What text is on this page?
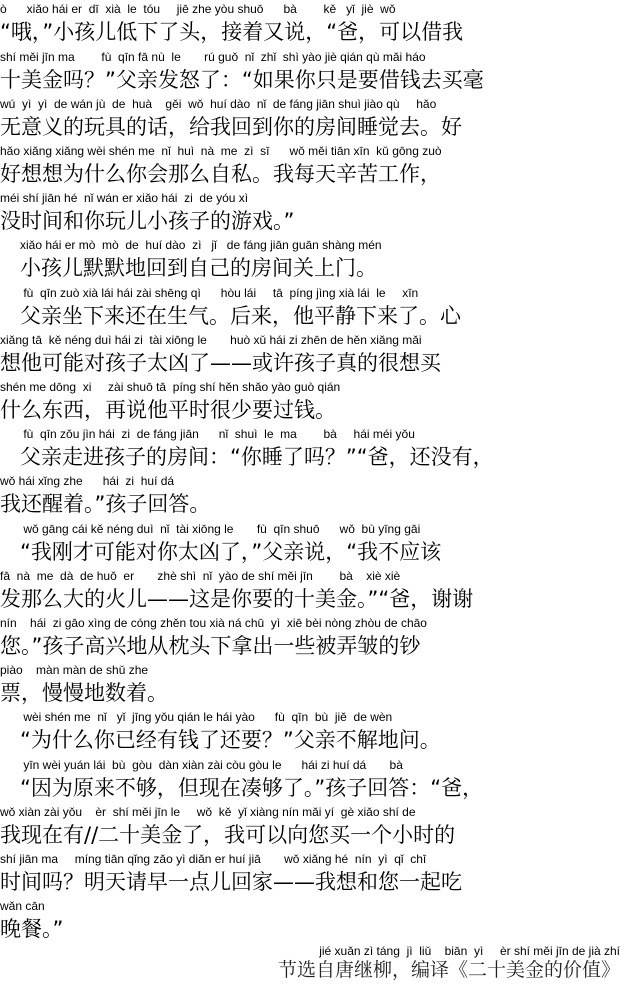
ò      xiǎo hái er  dī  xià  le  tóu     jiē zhe yòu shuō      bà        kě   yǐ  jiè  wǒ
“哦，”小孩儿低下了头，接着又说，“爸，可以借我
shí měi jīn ma        fù  qīn fā nù  le       rú guǒ  nǐ  zhǐ  shì yào jiè qián qù mǎi háo
十美金吗？”父亲发怒了：“如果你只是要借钱去买毫
wú  yì  yì  de wán jù  de  huà    gěi  wǒ  huí dào  nǐ  de fáng jiān shuì jiào qù     hǎo
无意义的玩具的话，给我回到你的房间睡觉去。好
hǎo xiǎng xiǎng wèi shén me  nǐ  huì  nà  me  zì  sī      wǒ měi tiān xīn  kǔ gōng zuò
好想想为什么你会那么自私。我每天辛苦工作，
méi shí jiān hé  nǐ wán er xiǎo hái  zi  de yóu xì
没时间和你玩儿小孩子的游戏。”
xiǎo hái er mò  mò  de  huí dào  zì   jǐ   de fáng jiān guān shàng mén
小孩儿默默地回到自己的房间关上门。
fù  qīn zuò xià lái hái zài shēng qì      hòu lái     tā  píng jìng xià lái  le     xīn
父亲坐下来还在生气。后来，他平静下来了。心
xiǎng tā  kě néng duì hái zi  tài xiōng le       huò xǔ hái zi zhēn de hěn xiǎng mǎi
想他可能对孩子太凶了——或许孩子真的很想买
shén me dōng  xi     zài shuō tā  píng shí hěn shǎo yào guò qián
什么东西，再说他平时很少要过钱。
fù  qīn zǒu jìn hái  zi  de fáng jiān      nǐ  shuì  le  ma        bà     hái méi yǒu
父亲走进孩子的房间：“你睡了吗？”“爸，还没有，
wǒ hái xǐng zhe      hái  zi  huí dá
我还醒着。”孩子回答。
wǒ gāng cái kě néng duì  nǐ  tài xiōng le       fù  qīn shuō      wǒ  bù yīng gāi
“我刚才可能对你太凶了，”父亲说，“我不应该
fā  nà  me  dà  de huǒ  er       zhè shì  nǐ  yào de shí měi jīn        bà    xiè xiè
发那么大的火儿——这是你要的十美金。”“爸，谢谢
nín    hái  zi gāo xìng de cóng zhěn tou xià ná chū  yì  xiē bèi nòng zhòu de chāo
您。”孩子高兴地从枕头下拿出一些被弄皱的钞
piào    màn màn de shǔ zhe
票，慢慢地数着。
wèi shén me  nǐ   yǐ  jīng yǒu qián le hái yào      fù  qīn  bù  jiě  de wèn
“为什么你已经有钱了还要？”父亲不解地问。
yīn wèi yuán lái  bù  gòu  dàn xiàn zài còu gòu le      hái zi huí dá       bà
“因为原来不够，但现在凑够了。”孩子回答：“爸，
wǒ xiàn zài yǒu    èr  shí měi jīn le     wǒ  kě  yǐ xiàng nín mǎi yí  gè xiǎo shí de
我现在有//二十美金了，我可以向您买一个小时的
shí jiān ma     míng tiān qǐng zǎo yì diǎn er huí jiā       wǒ xiǎng hé  nín  yì  qǐ  chī
时间吗？明天请早一点儿回家——我想和您一起吃
wǎn cān
晚餐。”
jié xuǎn zì táng  jì  liǔ    biān  yì     èr shí měi jīn de jià zhí
节选自唐继柳，编译《二十美金的价值》
